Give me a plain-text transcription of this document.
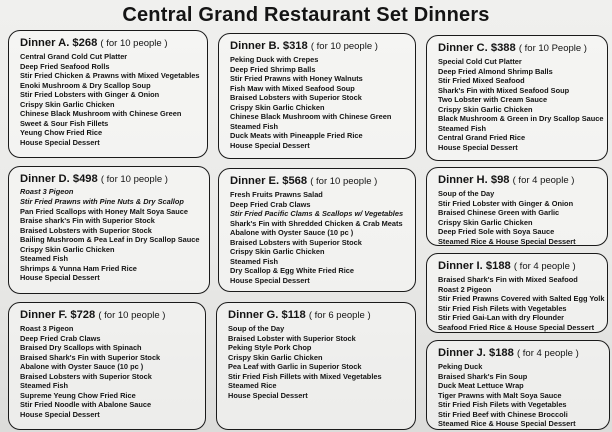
Central Grand Restaurant Set Dinners
Dinner A. $268 ( for 10 people )
Central Grand Cold Cut Platter
Deep Fried Seafood Rolls
Stir Fried Chicken & Prawns with Mixed Vegetables
Enoki Mushroom & Dry Scallop Soup
Stir Fried Lobsters with Ginger & Onion
Crispy Skin Garlic Chicken
Chinese Black Mushroom with Chinese Green
Sweet & Sour Fish Fillets
Yeung Chow Fried Rice
House Special Dessert
Dinner B. $318 ( for 10 people )
Peking Duck with Crepes
Deep Fried Shrimp Balls
Stir Fried Prawns with Honey Walnuts
Fish Maw with Mixed Seafood Soup
Braised Lobsters with Superior Stock
Crispy Skin Garlic Chicken
Chinese Black Mushroom with Chinese Green
Steamed Fish
Duck Meats with Pineapple Fried Rice
House Special Dessert
Dinner C. $388 ( for 10 People )
Special Cold Cut Platter
Deep Fried Almond Shrimp Balls
Stir Fried Mixed Seafood
Shark's Fin with Mixed Seafood Soup
Two Lobster with Cream Sauce
Crispy Skin Garlic Chicken
Black Mushroom & Green in Dry Scallop Sauce
Steamed Fish
Central Grand Fried Rice
House Special Dessert
Dinner D. $498 ( for 10 people )
Roast 3 Pigeon
Stir Fried Prawns with Pine Nuts & Dry Scallop
Pan Fried Scallops with Honey Malt Soya Sauce
Braise shark's Fin with Superior Stock
Braised Lobsters with Superior Stock
Bailing Mushroom & Pea Leaf in Dry Scallop Sauce
Crispy Skin Garlic Chicken
Steamed Fish
Shrimps & Yunna Ham Fried Rice
House Special Dessert
Dinner E. $568 ( for 10 people )
Fresh Fruits Prawns Salad
Deep Fried Crab Claws
Stir Fried Pacific Clams & Scallops w/ Vegetables
Shark's Fin with Shredded Chicken & Crab Meats
Abalone with Oyster Sauce (10 pc )
Braised Lobsters with Superior Stock
Crispy Skin Garlic Chicken
Steamed Fish
Dry Scallop & Egg White Fried Rice
House Special Dessert
Dinner H. $98 ( for 4 people )
Soup of the Day
Stir Fried Lobster with Ginger & Onion
Braised Chinese Green with Garlic
Crispy Skin Garlic Chicken
Deep Fried Sole with Soya Sauce
Steamed Rice & House Special Dessert
Dinner I. $188 ( for 4 people )
Braised Shark's Fin with Mixed Seafood
Roast 2 Pigeon
Stir Fried Prawns Covered with Salted Egg Yolk
Stir Fried Fish Filets with Vegetables
Stir Fried Gai-Lan with dry Flounder
Seafood Fried Rice & House Special Dessert
Dinner F. $728 ( for 10 people )
Roast 3 Pigeon
Deep Fried Crab Claws
Braised Dry Scallops with Spinach
Braised Shark's Fin with Superior Stock
Abalone with Oyster Sauce (10 pc )
Braised Lobsters with Superior Stock
Steamed Fish
Supreme Yeung Chow Fried Rice
Stir Fried Noodle with Abalone Sauce
House Special Dessert
Dinner G. $118 ( for 6 people )
Soup of the Day
Braised Lobster with Superior Stock
Peking Style Pork Chop
Crispy Skin Garlic Chicken
Pea Leaf with Garlic in Superior Stock
Stir Fried Fish Fillets with Mixed Vegetables
Steamed Rice
House Special Dessert
Dinner J. $188 ( for 4 people )
Peking Duck
Braised Shark's Fin Soup
Duck Meat Lettuce Wrap
Tiger Prawns with Malt Soya Sauce
Stir Fried Fish Filets with Vegetables
Stir Fried Beef with Chinese Broccoli
Steamed Rice & House Special Dessert
